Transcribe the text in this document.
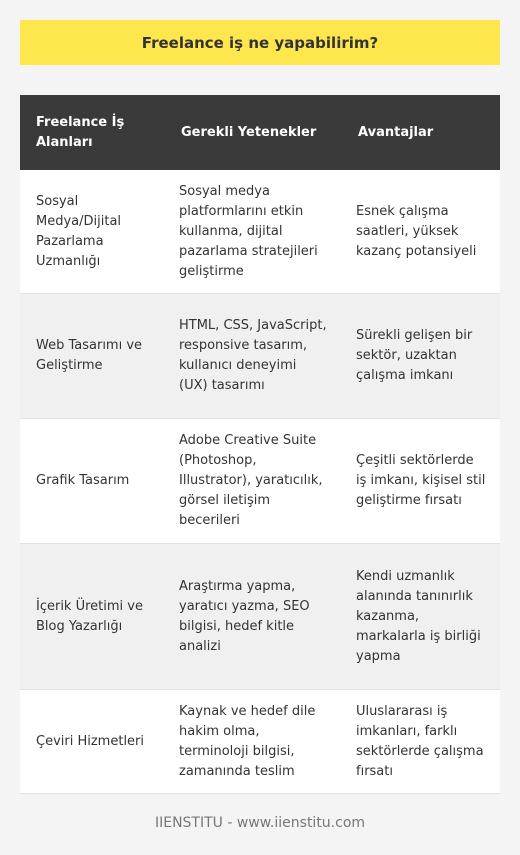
Freelance iş ne yapabilirim?
Freelance İş Alanları	Gerekli Yetenekler	Avantajlar
Sosyal Medya/Dijital Pazarlama Uzmanlığı	Sosyal medya platformlarını etkin kullanma, dijital pazarlama stratejileri geliştirme	Esnek çalışma saatleri, yüksek kazanç potansiyeli
Web Tasarımı ve Geliştirme	HTML, CSS, JavaScript, responsive tasarım, kullanıcı deneyimi (UX) tasarımı	Sürekli gelişen bir sektör, uzaktan çalışma imkanı
Grafik Tasarım	Adobe Creative Suite (Photoshop, Illustrator), yaratıcılık, görsel iletişim becerileri	Çeşitli sektörlerde iş imkanı, kişisel stil geliştirme fırsatı
İçerik Üretimi ve Blog Yazarlığı	Araştırma yapma, yaratıcı yazma, SEO bilgisi, hedef kitle analizi	Kendi uzmanlık alanında tanınırlık kazanma, markalarla iş birliği yapma
Çeviri Hizmetleri	Kaynak ve hedef dile hakim olma, terminoloji bilgisi, zamanında teslim	Uluslararası iş imkanları, farklı sektörlerde çalışma fırsatı
IIENSTITU - www.iienstitu.com
